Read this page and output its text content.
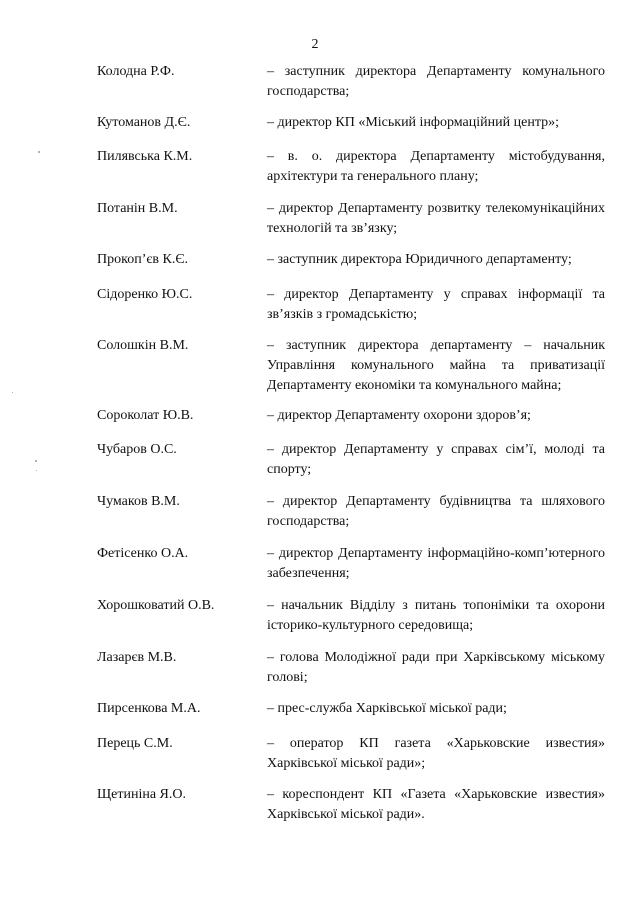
2
Колодна Р.Ф.	– заступник директора Департаменту комунального господарства;
Кутоманов Д.Є.	– директор КП «Міський інформаційний центр»;
Пилявська К.М.	– в. о. директора Департаменту містобудування, архітектури та генерального плану;
Потанін В.М.	– директор Департаменту розвитку телекомунікаційних технологій та зв’язку;
Прокоп’єв К.Є.	– заступник директора Юридичного департаменту;
Сідоренко Ю.С.	– директор Департаменту у справах інформації та зв’язків з громадськістю;
Солошкін В.М.	– заступник директора департаменту – начальник Управління комунального майна та приватизації Департаменту економіки та комунального майна;
Сороколат Ю.В.	– директор Департаменту охорони здоров’я;
Чубаров О.С.	– директор Департаменту у справах сім’ї, молоді та спорту;
Чумаков В.М.	– директор Департаменту будівництва та шляхового господарства;
Фетісенко О.А.	– директор Департаменту інформаційно-комп’ютерного забезпечення;
Хорошковатий О.В.	– начальник Відділу з питань топоніміки та охорони історико-культурного середовища;
Лазарєв М.В.	– голова Молодіжної ради при Харківському міському голові;
Пирсенкова М.А.	– прес-служба Харківської міської ради;
Перець С.М.	– оператор КП газета «Харьковские известия» Харківської міської ради»;
Щетиніна Я.О.	– кореспондент КП «Газета «Харьковские известия» Харківської міської ради».
